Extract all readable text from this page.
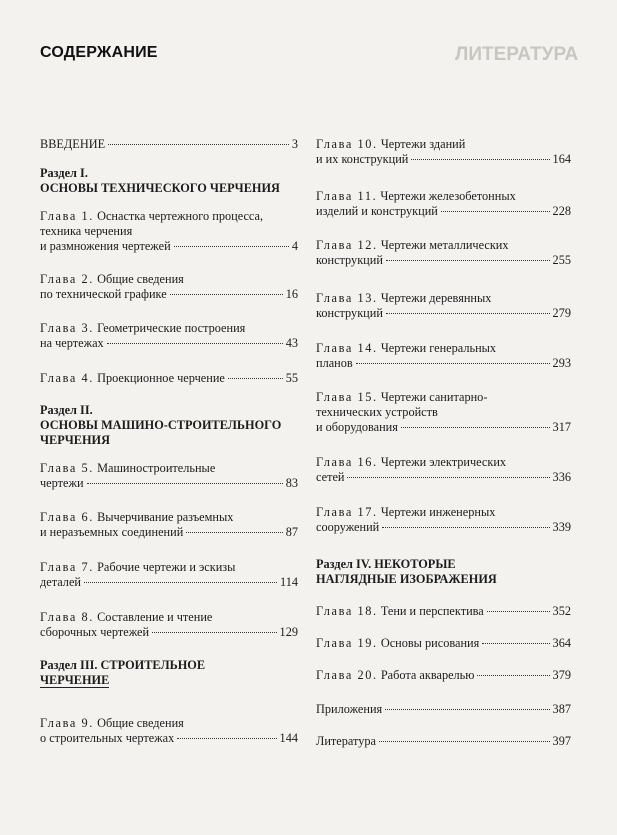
ЛИТЕРАТУРА
СОДЕРЖАНИЕ
ВВЕДЕНИЕ	3
Раздел I.
ОСНОВЫ ТЕХНИЧЕСКОГО ЧЕРЧЕНИЯ
Глава 1. Оснастка чертежного процесса,
техника черчения
и размножения чертежей	4
Глава 2. Общие сведения
по технической графике	16
Глава 3. Геометрические построения
на чертежах	43
Глава 4.
Проекционное черчение	55
Раздел II.
ОСНОВЫ МАШИНО-СТРОИТЕЛЬНОГО
ЧЕРЧЕНИЯ
Глава 5. Машиностроительные
чертежи	83
Глава 6. Вычерчивание разъемных
и неразъемных соединений	87
Глава 7. Рабочие чертежи и эскизы
деталей	114
Глава 8. Составление и чтение
сборочных чертежей	129
Раздел III. СТРОИТЕЛЬНОЕ
ЧЕРЧЕНИЕ
Глава 9. Общие сведения
о строительных чертежах	144
Глава 10. Чертежи зданий
и их конструкций	164
Глава 11. Чертежи железобетонных
изделий и конструкций	228
Глава 12. Чертежи металлических
конструкций	255
Глава 13. Чертежи деревянных
конструкций	279
Глава 14. Чертежи генеральных
планов	293
Глава 15. Чертежи санитарно-
технических устройств
и оборудования	317
Глава 16. Чертежи электрических
сетей	336
Глава 17. Чертежи инженерных
сооружений	339
Раздел IV. НЕКОТОРЫЕ
НАГЛЯДНЫЕ ИЗОБРАЖЕНИЯ
Глава 18.
Тени и перспектива	352
Глава 19.
Основы рисования	364
Глава 20.
Работа акварелью	379
Приложения	387
Литература	397
